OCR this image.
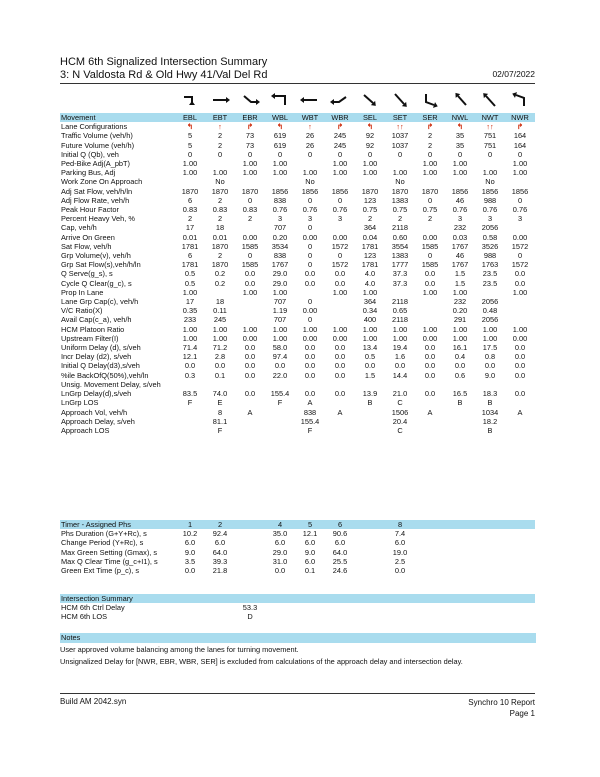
HCM 6th Signalized Intersection Summary
3: N Valdosta Rd & Old Hwy 41/Val Del Rd	02/07/2022
Movement	EBL	EBT	EBR	WBL	WBT	WBR	SEL	SET	SER	NWL	NWT	NWR
Lane Configurations	↰	↑	↱	↰	↑	↱	↰	↑↑	↱	↰	↑↑	↱
Traffic Volume (veh/h)	5	2	73	619	26	245	92	1037	2	35	751	164
Future Volume (veh/h)	5	2	73	619	26	245	92	1037	2	35	751	164
Initial Q (Qb), veh	0	0	0	0	0	0	0	0	0	0	0	0
Ped-Bike Adj(A_pbT)	1.00		1.00	1.00		1.00	1.00		1.00	1.00		1.00
Parking Bus, Adj	1.00	1.00	1.00	1.00	1.00	1.00	1.00	1.00	1.00	1.00	1.00	1.00
Work Zone On Approach		No			No			No			No	
Adj Sat Flow, veh/h/ln	1870	1870	1870	1856	1856	1856	1870	1870	1870	1856	1856	1856
Adj Flow Rate, veh/h	6	2	0	838	0	0	123	1383	0	46	988	0
Peak Hour Factor	0.83	0.83	0.83	0.76	0.76	0.76	0.75	0.75	0.75	0.76	0.76	0.76
Percent Heavy Veh, %	2	2	2	3	3	3	2	2	2	3	3	3
Cap, veh/h	17	18		707	0		364	2118		232	2056	
Arrive On Green	0.01	0.01	0.00	0.20	0.00	0.00	0.04	0.60	0.00	0.03	0.58	0.00
Sat Flow, veh/h	1781	1870	1585	3534	0	1572	1781	3554	1585	1767	3526	1572
Grp Volume(v), veh/h	6	2	0	838	0	0	123	1383	0	46	988	0
Grp Sat Flow(s),veh/h/ln	1781	1870	1585	1767	0	1572	1781	1777	1585	1767	1763	1572
Q Serve(g_s), s	0.5	0.2	0.0	29.0	0.0	0.0	4.0	37.3	0.0	1.5	23.5	0.0
Cycle Q Clear(g_c), s	0.5	0.2	0.0	29.0	0.0	0.0	4.0	37.3	0.0	1.5	23.5	0.0
Prop In Lane	1.00		1.00	1.00		1.00	1.00		1.00	1.00		1.00
Lane Grp Cap(c), veh/h	17	18		707	0		364	2118		232	2056	
V/C Ratio(X)	0.35	0.11		1.19	0.00		0.34	0.65		0.20	0.48	
Avail Cap(c_a), veh/h	233	245		707	0		400	2118		291	2056	
HCM Platoon Ratio	1.00	1.00	1.00	1.00	1.00	1.00	1.00	1.00	1.00	1.00	1.00	1.00
Upstream Filter(I)	1.00	1.00	0.00	1.00	0.00	0.00	1.00	1.00	0.00	1.00	1.00	0.00
Uniform Delay (d), s/veh	71.4	71.2	0.0	58.0	0.0	0.0	13.4	19.4	0.0	16.1	17.5	0.0
Incr Delay (d2), s/veh	12.1	2.8	0.0	97.4	0.0	0.0	0.5	1.6	0.0	0.4	0.8	0.0
Initial Q Delay(d3),s/veh	0.0	0.0	0.0	0.0	0.0	0.0	0.0	0.0	0.0	0.0	0.0	0.0
%ile BackOfQ(50%),veh/ln	0.3	0.1	0.0	22.0	0.0	0.0	1.5	14.4	0.0	0.6	9.0	0.0
Unsig. Movement Delay, s/veh												
LnGrp Delay(d),s/veh	83.5	74.0	0.0	155.4	0.0	0.0	13.9	21.0	0.0	16.5	18.3	0.0
LnGrp LOS	F	E		F	A		B	C		B	B	
Approach Vol, veh/h		8	A		838	A		1506	A		1034	A
Approach Delay, s/veh		81.1			155.4			20.4			18.2	
Approach LOS		F			F			C			B	
Timer - Assigned Phs	1	2		4	5	6		8				
Phs Duration (G+Y+Rc), s	10.2	92.4		35.0	12.1	90.6		7.4				
Change Period (Y+Rc), s	6.0	6.0		6.0	6.0	6.0		6.0				
Max Green Setting (Gmax), s	9.0	64.0		29.0	9.0	64.0		19.0				
Max Q Clear Time (g_c+I1), s	3.5	39.3		31.0	6.0	25.5		2.5				
Green Ext Time (p_c), s	0.0	21.8		0.0	0.1	24.6		0.0				
Intersection Summary												
HCM 6th Ctrl Delay			53.3									
HCM 6th LOS			D									
Notes
User approved volume balancing among the lanes for turning movement.
Unsignalized Delay for [NWR, EBR, WBR, SER] is excluded from calculations of the approach delay and intersection delay.
Build AM 2042.syn	Synchro 10 Report
Page 1
